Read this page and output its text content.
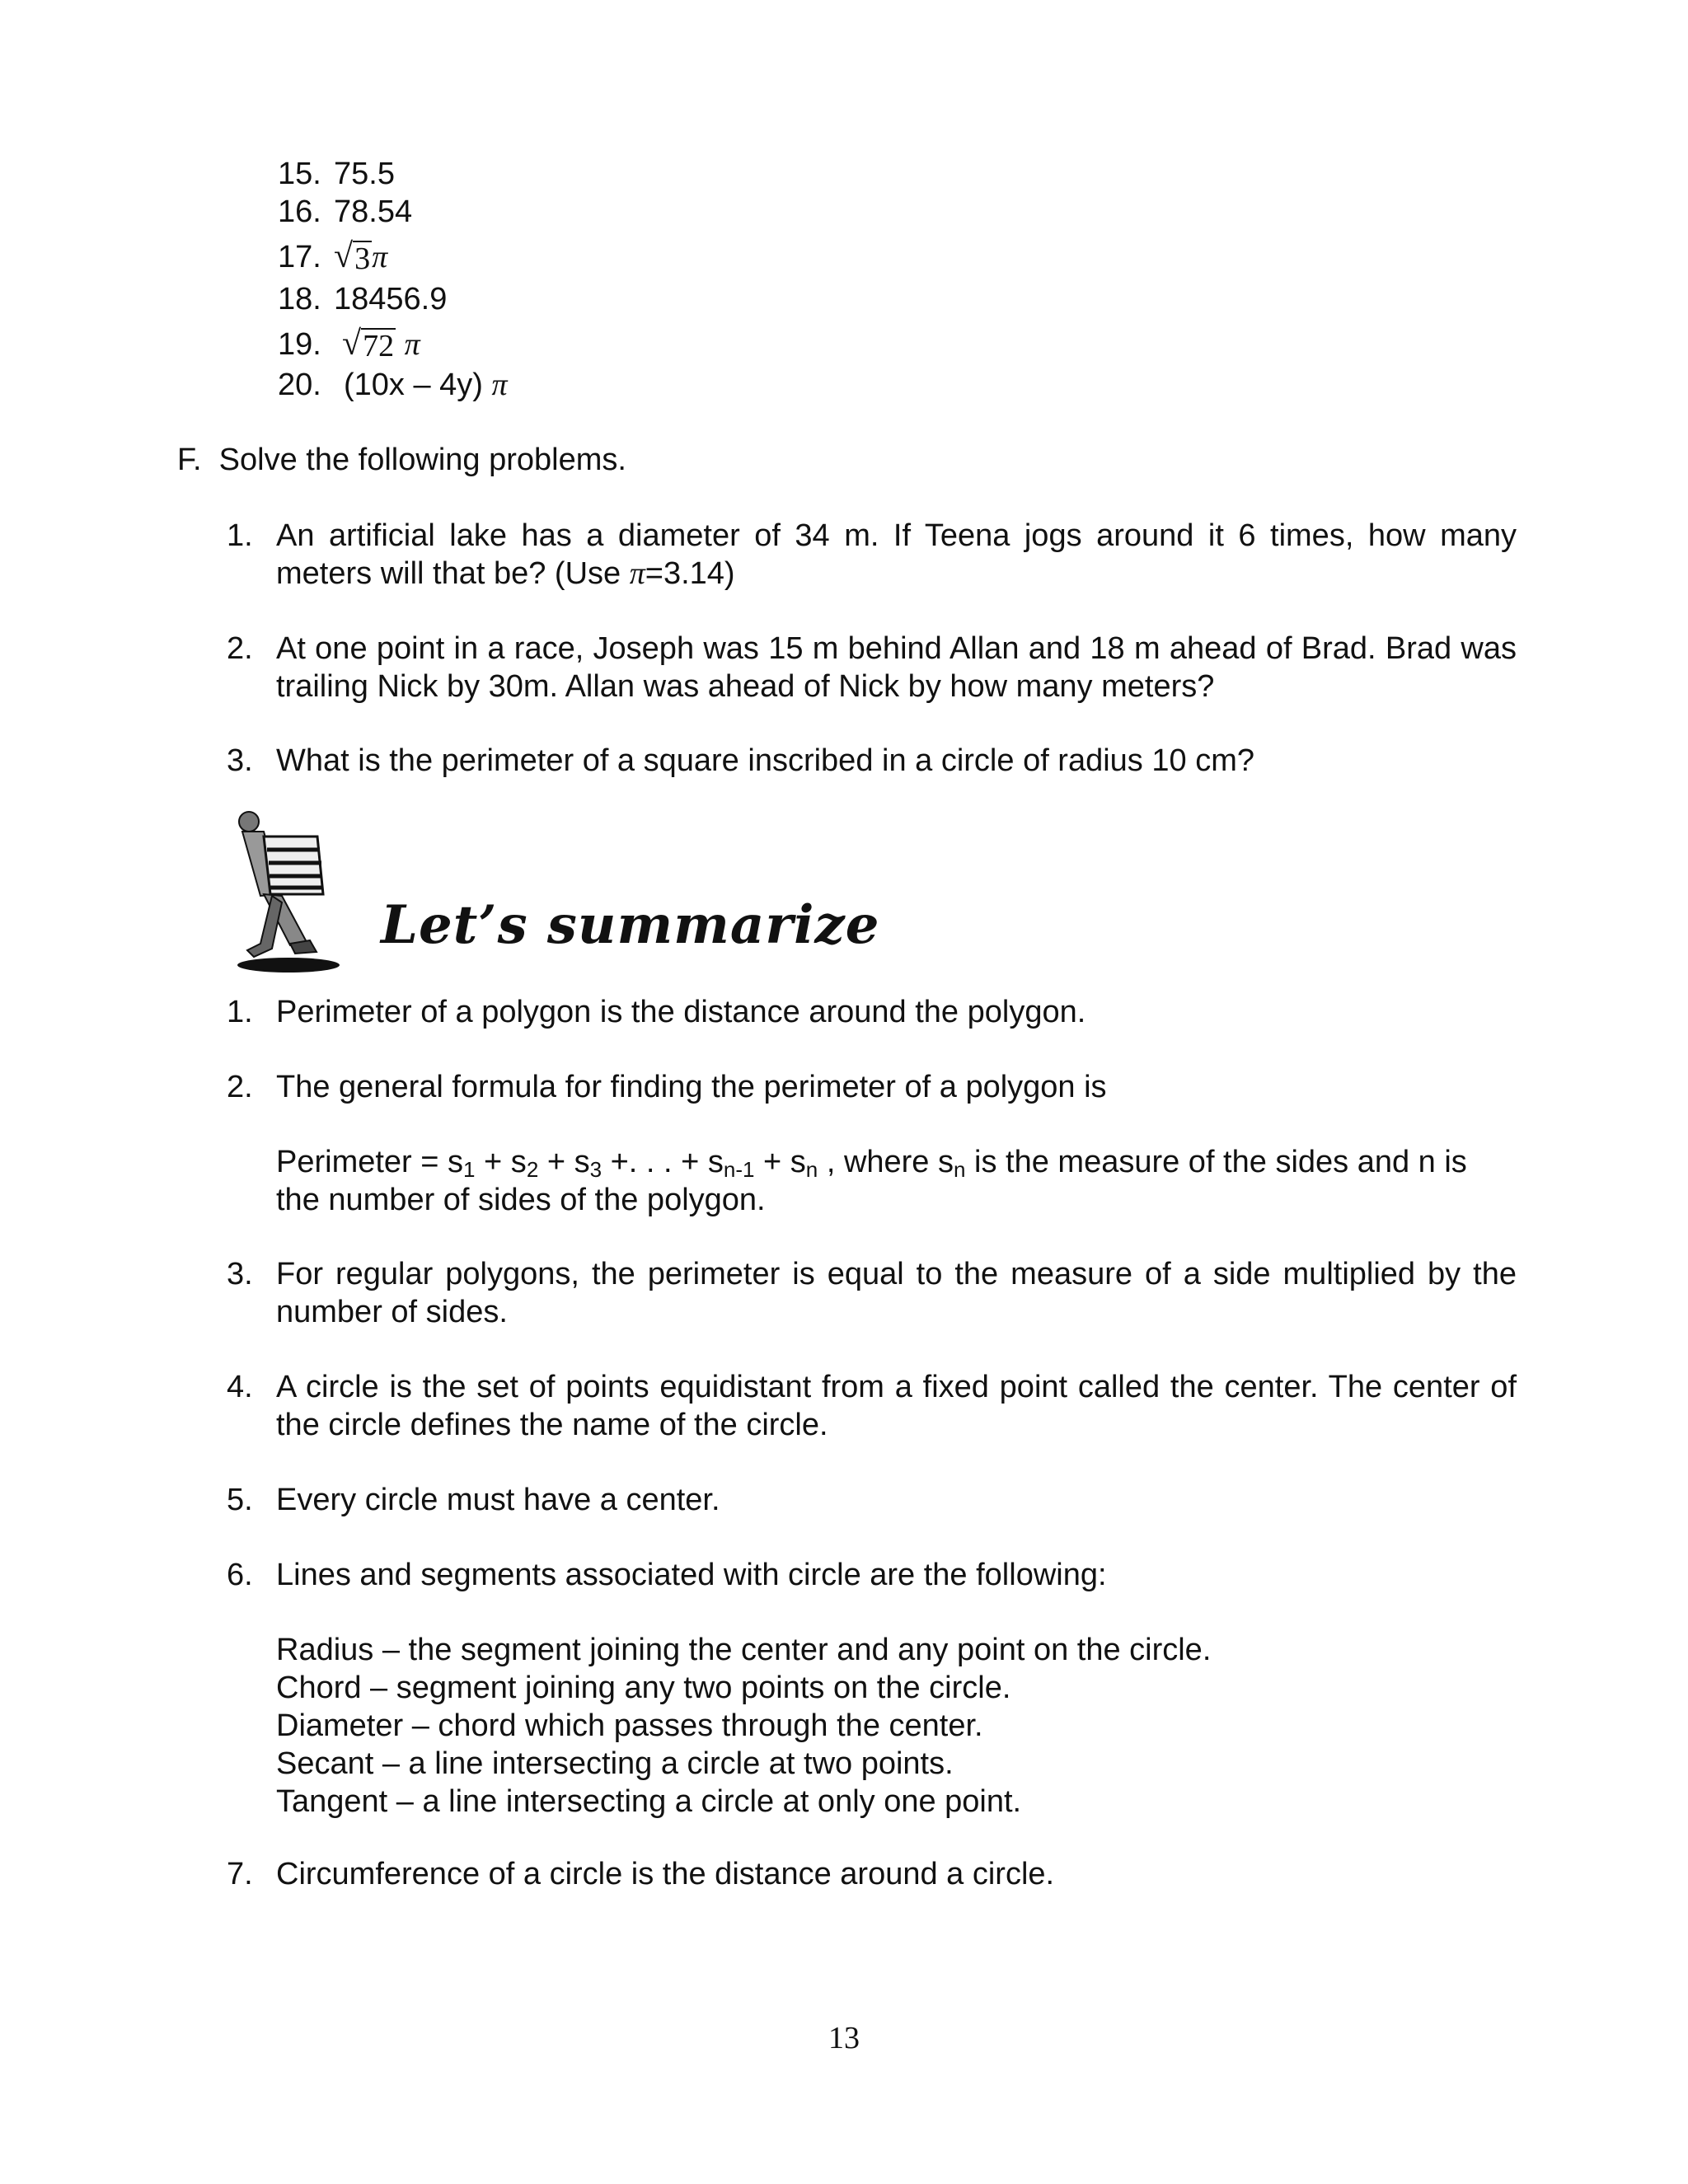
15. 75.5
16. 78.54
17. √ 3 π
18. 18456.9
19. √ 72 π
20. (10x – 4y) π
F.  Solve the following problems.
1. An artificial lake has a diameter of 34 m. If Teena jogs around it 6 times, how many meters will that be? (Use π=3.14)
2. At one point in a race, Joseph was 15 m behind Allan and 18 m ahead of Brad. Brad was trailing Nick by 30m. Allan was ahead of Nick by how many meters?
3. What is the perimeter of a square inscribed in a circle of radius 10 cm?
Let’s summarize
1. Perimeter of a polygon is the distance around the polygon.
2. The general formula for finding the perimeter of a polygon is
Perimeter = $s_1 + s_2 + s_3$ +. . . + $s_{n-1} + s_n$ , where $s_n$ is the measure of the sides and n is the number of sides of the polygon.
3. For regular polygons, the perimeter is equal to the measure of a side multiplied by the number of sides.
4. A circle is the set of points equidistant from a fixed point called the center. The center of the circle defines the name of the circle.
5. Every circle must have a center.
6. Lines and segments associated with circle are the following:
Radius – the segment joining the center and any point on the circle.
Chord – segment joining any two points on the circle.
Diameter – chord which passes through the center.
Secant – a line intersecting a circle at two points.
Tangent – a line intersecting a circle at only one point.
7. Circumference of a circle is the distance around a circle.
13
